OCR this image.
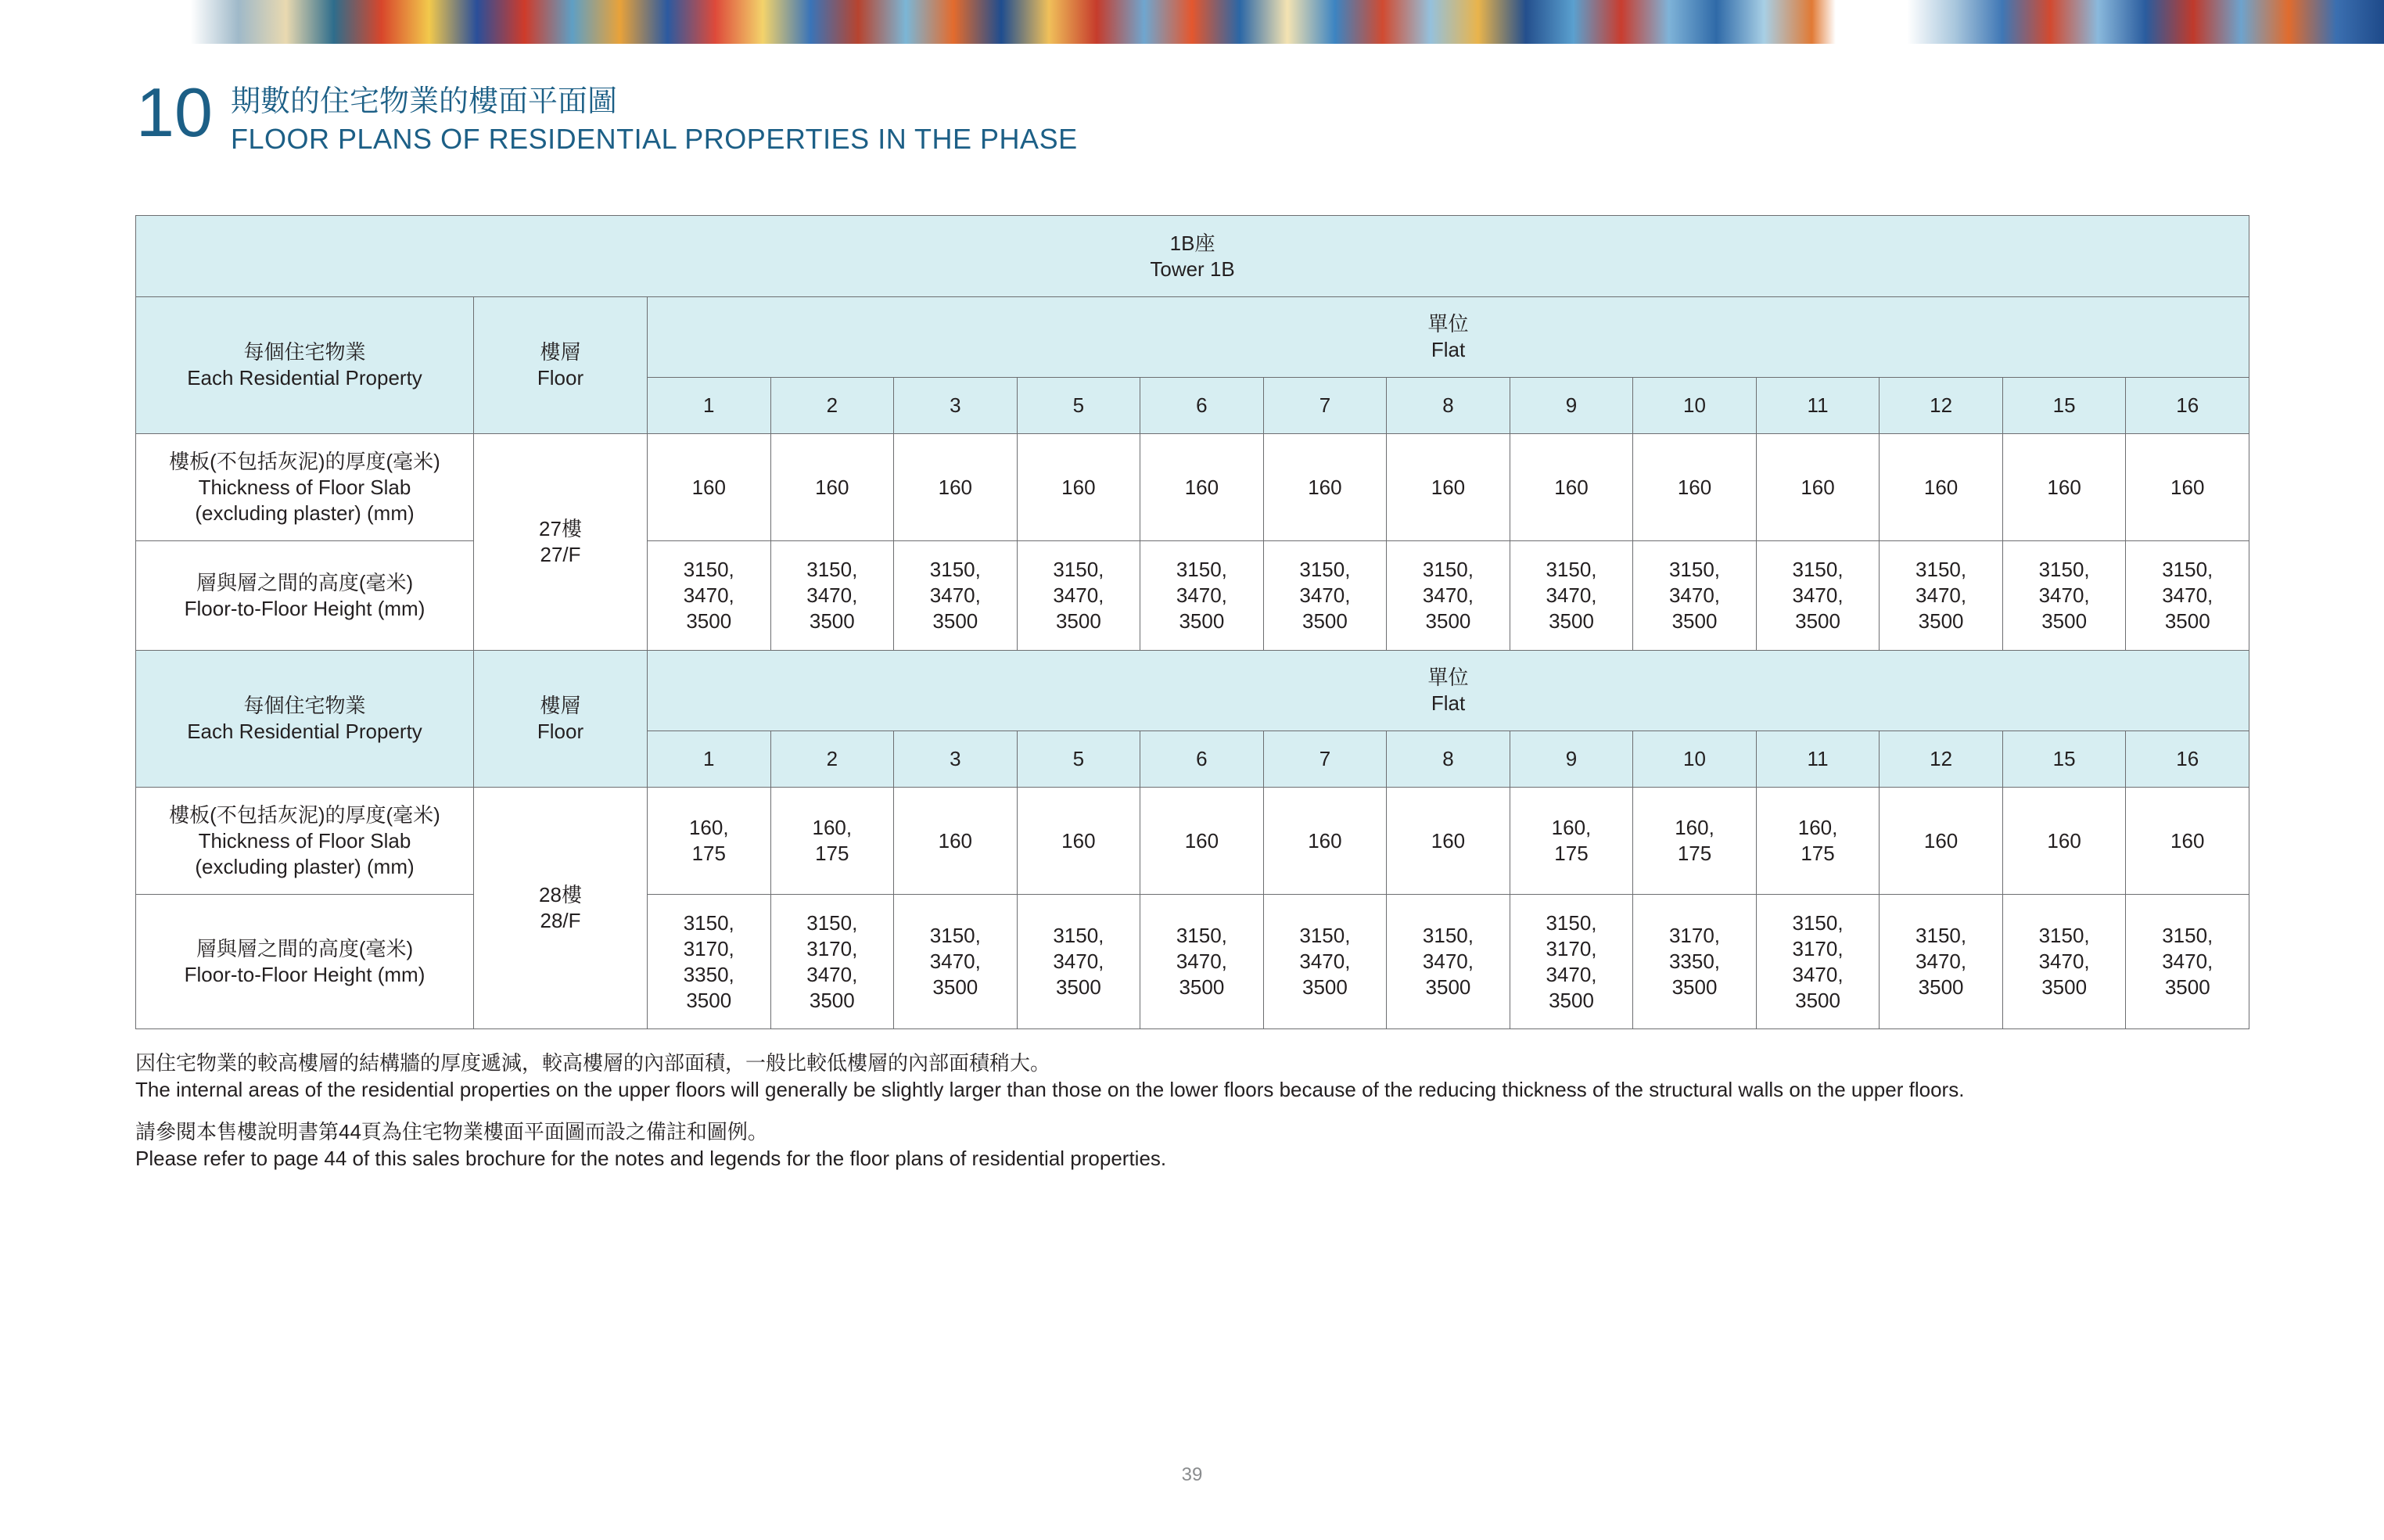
10 期數的住宅物業的樓面平面圖
FLOOR PLANS OF RESIDENTIAL PROPERTIES IN THE PHASE
1B座
Tower 1B														

每個住宅物業
Each Residential Property	樓層
Floor	單位
Flat												

		1	2	3	5	6	7	8	9	10	11	12	15	16

樓板(不包括灰泥)的厚度(毫米)
Thickness of Floor Slab
(excluding plaster) (mm)	27樓
27/F	160	160	160	160	160	160	160	160	160	160	160	160	160

層與層之間的高度(毫米)
Floor-to-Floor Height (mm)		3150,
3470,
3500	3150,
3470,
3500	3150,
3470,
3500	3150,
3470,
3500	3150,
3470,
3500	3150,
3470,
3500	3150,
3470,
3500	3150,
3470,
3500	3150,
3470,
3500	3150,
3470,
3500	3150,
3470,
3500	3150,
3470,
3500	3150,
3470,
3500

每個住宅物業
Each Residential Property	樓層
Floor	單位
Flat												

		1	2	3	5	6	7	8	9	10	11	12	15	16

樓板(不包括灰泥)的厚度(毫米)
Thickness of Floor Slab
(excluding plaster) (mm)	28樓
28/F	160,
175	160,
175	160	160	160	160	160	160,
175	160,
175	160,
175	160	160	160

層與層之間的高度(毫米)
Floor-to-Floor Height (mm)		3150,
3170,
3350,
3500	3150,
3170,
3470,
3500	3150,
3470,
3500	3150,
3470,
3500	3150,
3470,
3500	3150,
3470,
3500	3150,
3470,
3500	3150,
3170,
3470,
3500	3170,
3350,
3500	3150,
3170,
3470,
3500	3150,
3470,
3500	3150,
3470,
3500	3150,
3470,
3500

因住宅物業的較高樓層的結構牆的厚度遞減，較高樓層的內部面積，一般比較低樓層的內部面積稍大。

The internal areas of the residential properties on the upper floors will generally be slightly larger than those on the lower floors because of the reducing thickness of the structural walls on the upper floors.

請參閱本售樓說明書第44頁為住宅物業樓面平面圖而設之備註和圖例。

Please refer to page 44 of this sales brochure for the notes and legends for the floor plans of residential properties.

39
